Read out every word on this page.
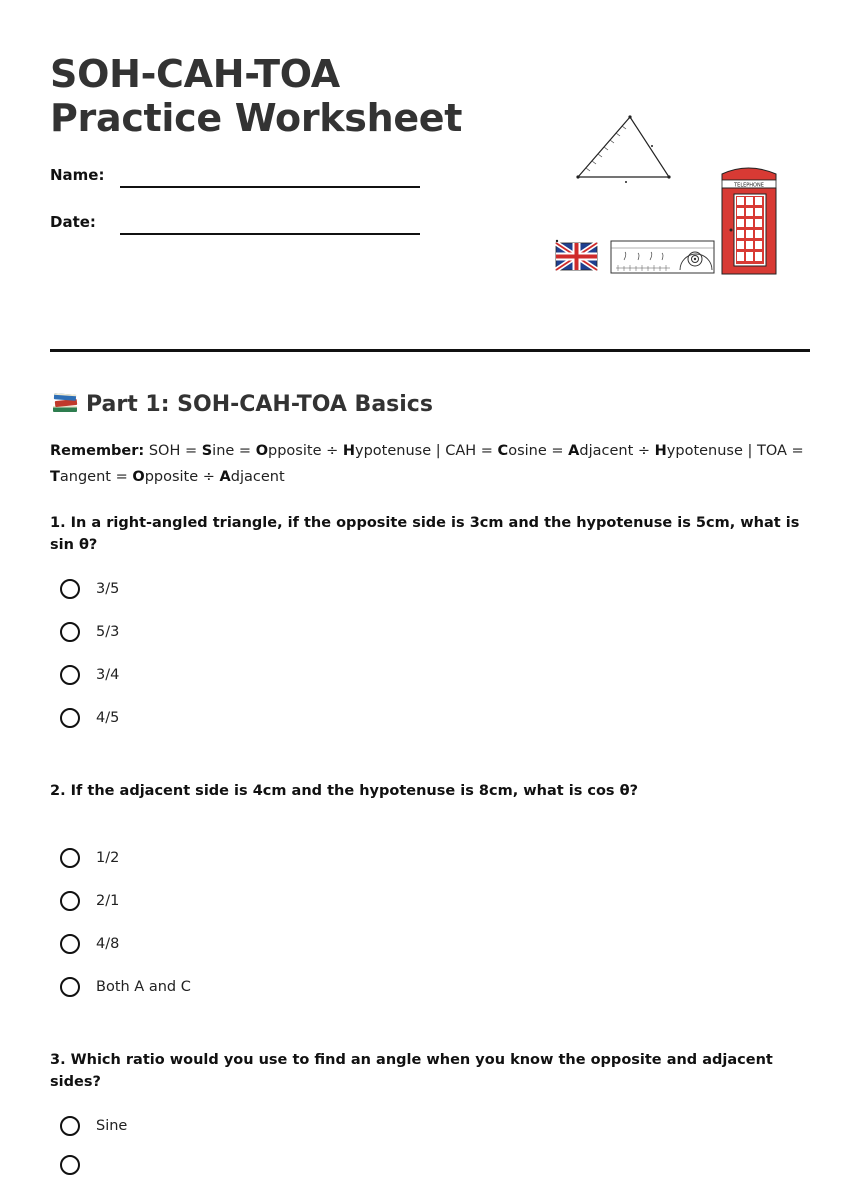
SOH-CAH-TOA Practice Worksheet
Name:
Date:
TELEPHONE
Part 1: SOH-CAH-TOA Basics
Remember: SOH = Sine = Opposite ÷ Hypotenuse | CAH = Cosine = Adjacent ÷ Hypotenuse | TOA = Tangent = Opposite ÷ Adjacent
1. In a right-angled triangle, if the opposite side is 3cm and the hypotenuse is 5cm, what is sin θ?
3/5
5/3
3/4
4/5
2. If the adjacent side is 4cm and the hypotenuse is 8cm, what is cos θ?
1/2
2/1
4/8
Both A and C
3. Which ratio would you use to find an angle when you know the opposite and adjacent sides?
Sine
